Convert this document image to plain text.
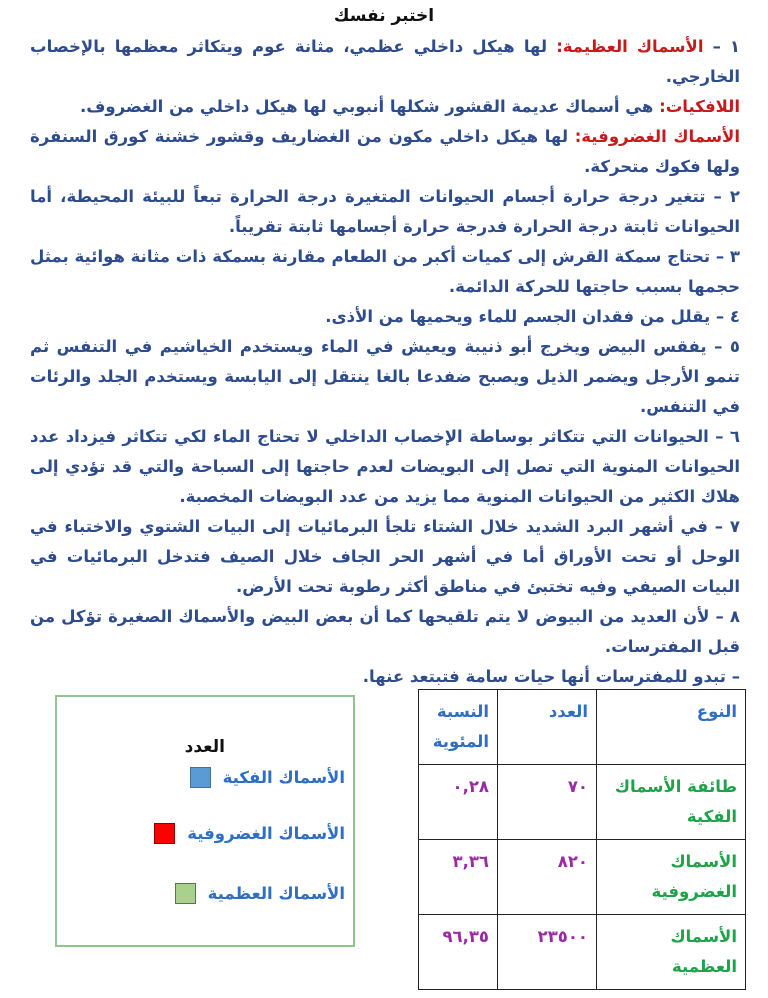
اختبر نفسك

١ – الأسماك العظيمة: لها هيكل داخلي عظمي، مثانة عوم ويتكاثر معظمها بالإخصاب الخارجي.

اللافكيات: هي أسماك عديمة القشور شكلها أنبوبي لها هيكل داخلي من الغضروف.

الأسماك الغضروفية: لها هيكل داخلي مكون من الغضاريف وقشور خشنة كورق السنفرة ولها فكوك متحركة.

٢ – تتغير درجة حرارة أجسام الحيوانات المتغيرة درجة الحرارة تبعاً للبيئة المحيطة، أما الحيوانات ثابتة درجة الحرارة فدرجة حرارة أجسامها ثابتة تقريباً.

٣ – تحتاج سمكة القرش إلى كميات أكبر من الطعام مقارنة بسمكة ذات مثانة هوائية بمثل حجمها بسبب حاجتها للحركة الدائمة.

٤ – يقلل من فقدان الجسم للماء ويحميها من الأذى.

٥ – يفقس البيض ويخرج أبو ذنيبة ويعيش في الماء ويستخدم الخياشيم في التنفس ثم تنمو الأرجل ويضمر الذيل ويصبح ضفدعا بالغا ينتقل إلى اليابسة ويستخدم الجلد والرئات في التنفس.

٦ – الحيوانات التي تتكاثر بوساطة الإخصاب الداخلي لا تحتاج الماء لكي تتكاثر فيزداد عدد الحيوانات المنوية التي تصل إلى البويضات لعدم حاجتها إلى السباحة والتي قد تؤدي إلى هلاك الكثير من الحيوانات المنوية مما يزيد من عدد البويضات المخصبة.

٧ – في أشهر البرد الشديد خلال الشتاء تلجأ البرمائيات إلى البيات الشتوي والاختباء في الوحل أو تحت الأوراق أما في أشهر الحر الجاف خلال الصيف فتدخل البرمائيات في البيات الصيفي وفيه تختبئ في مناطق أكثر رطوبة تحت الأرض.

٨ – لأن العديد من البيوض لا يتم تلقيحها كما أن بعض البيض والأسماك الصغيرة تؤكل من قبل المفترسات.

– تبدو للمفترسات أنها حيات سامة فتبتعد عنها.

النوع	العدد	النسبة المئوية
طائفة الأسماك الفكية	٧٠	٠,٢٨
الأسماك الغضروفية	٨٢٠	٣,٣٦
الأسماك العظمية	٢٣٥٠٠	٩٦,٣٥
العدد
الأسماك الفكية
الأسماك الغضروفية
الأسماك العظمية
